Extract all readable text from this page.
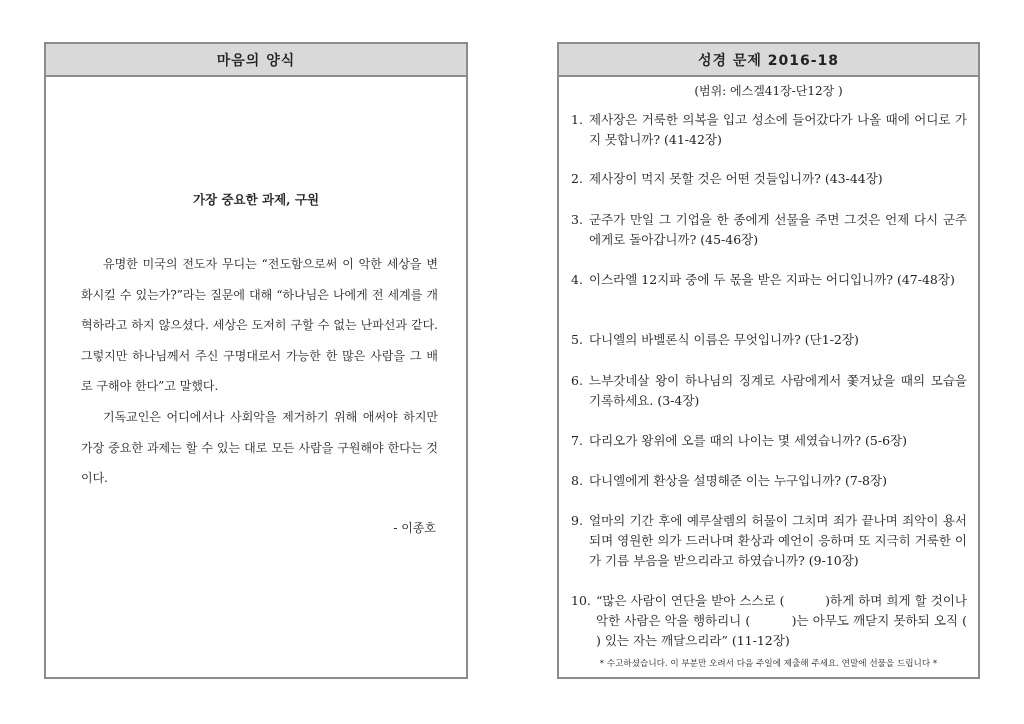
마음의 양식
가장 중요한 과제, 구원

유명한 미국의 전도자 무디는 “전도함으로써 이 악한 세상을 변화시킬 수 있는가?”라는 질문에 대해 “하나님은 나에게 전 세계를 개혁하라고 하지 않으셨다. 세상은 도저히 구할 수 없는 난파선과 같다. 그렇지만 하나님께서 주신 구명대로서 가능한 한 많은 사람을 그 배로 구해야 한다”고 말했다.

기독교인은 어디에서나 사회악을 제거하기 위해 애써야 하지만 가장 중요한 과제는 할 수 있는 대로 모든 사람을 구원해야 한다는 것이다.

- 이종호
성경 문제 2016-18
(범위: 에스겔41장-단12장 )
1. 제사장은 거룩한 의복을 입고 성소에 들어갔다가 나올 때에 어디로 가지 못합니까? (41-42장)
2. 제사장이 먹지 못할 것은 어떤 것들입니까? (43-44장)
3. 군주가 만일 그 기업을 한 종에게 선물을 주면 그것은 언제 다시 군주에게로 돌아갑니까? (45-46장)
4. 이스라엘 12지파 중에 두 몫을 받은 지파는 어디입니까? (47-48장)
5. 다니엘의 바벨론식 이름은 무엇입니까? (단1-2장)
6. 느부갓네살 왕이 하나님의 징계로 사람에게서 쫓겨났을 때의 모습을 기록하세요. (3-4장)
7. 다리오가 왕위에 오를 때의 나이는 몇 세였습니까? (5-6장)
8. 다니엘에게 환상을 설명해준 이는 누구입니까? (7-8장)
9. 얼마의 기간 후에 예루살렘의 허물이 그치며 죄가 끝나며 죄악이 용서되며 영원한 의가 드러나며 환상과 예언이 응하며 또 지극히 거룩한 이가 기름 부음을 받으리라고 하였습니까? (9-10장)
10. “많은 사람이 연단을 받아 스스로 (          )하게 하며 희게 할 것이나 악한 사람은 악을 행하리니 (          )는 아무도 깨닫지 못하되 오직 (          ) 있는 자는 깨달으리라” (11-12장)
* 수고하셨습니다. 이 부분만 오려서 다음 주일에 제출해 주세요. 연말에 선물을 드립니다 *
